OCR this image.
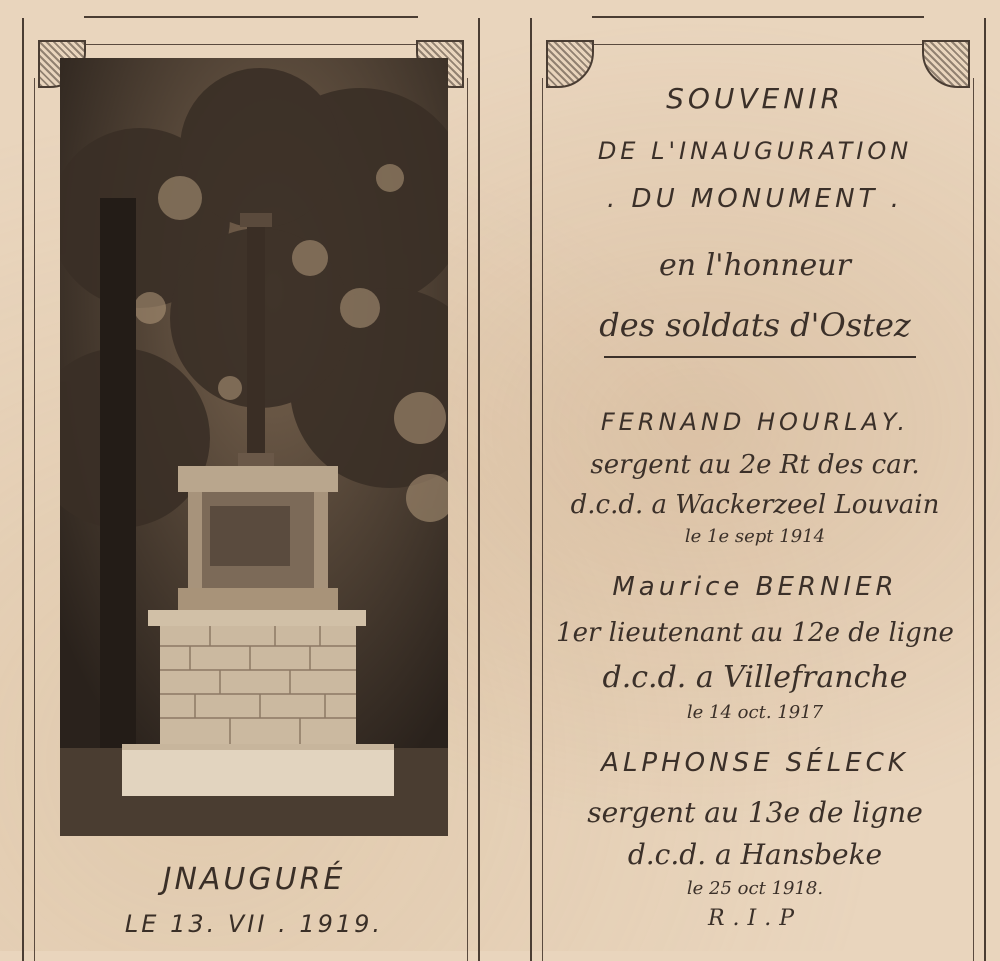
JNAUGURÉ
LE 13. VII . 1919.
SOUVENIR
DE L'INAUGURATION
. DU MONUMENT .
en l'honneur
des soldats d'Ostez
FERNAND HOURLAY.
sergent au 2e Rt des car.
d.c.d. a Wackerzeel Louvain
le 1e sept 1914
Maurice BERNIER
1er lieutenant au 12e de ligne
d.c.d. a Villefranche
le 14 oct. 1917
ALPHONSE SÉLECK
sergent au 13e de ligne
d.c.d. a Hansbeke
le 25 oct 1918.
R.I.P
